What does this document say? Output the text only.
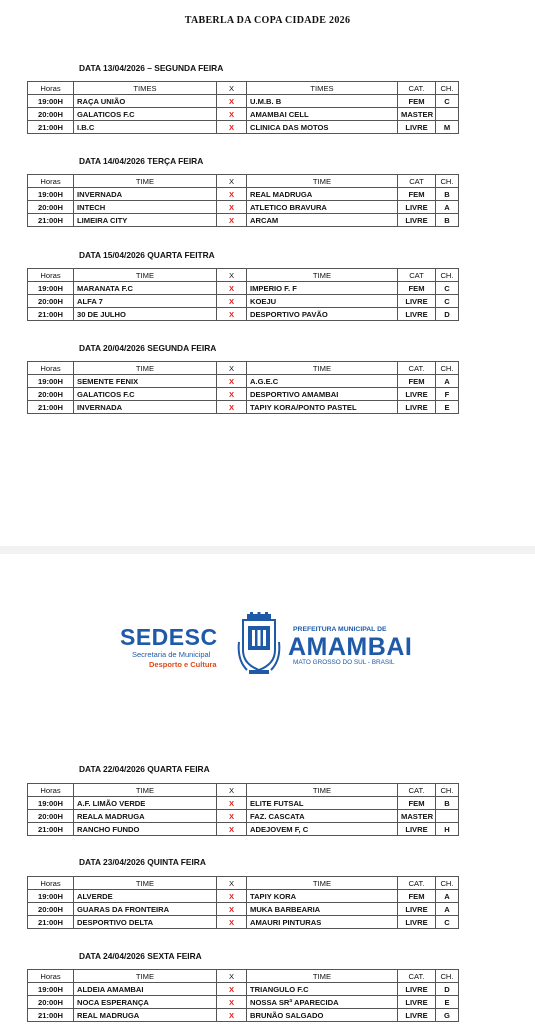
TABERLA DA COPA CIDADE 2026
DATA 13/04/2026 – SEGUNDA FEIRA
Horas	TIMES	X	TIMES	CAT.	CH.
19:00H	RAÇA UNIÃO	X	U.M.B. B	FEM	C
20:00H	GALATICOS F.C	X	AMAMBAI CELL	MASTER	
21:00H	I.B.C	X	CLINICA DAS MOTOS	LIVRE	M
DATA 14/04/2026 TERÇA FEIRA
Horas	TIME	X	TIME	CAT	CH.
19:00H	INVERNADA	X	REAL MADRUGA	FEM	B
20:00H	INTECH	X	ATLETICO BRAVURA	LIVRE	A
21:00H	LIMEIRA CITY	X	ARCAM	LIVRE	B
DATA 15/04/2026 QUARTA FEITRA
Horas	TIME	X	TIME	CAT	CH.
19:00H	MARANATA F.C	X	IMPERIO F. F	FEM	C
20:00H	ALFA 7	X	KOEJU	LIVRE	C
21:00H	30 DE JULHO	X	DESPORTIVO PAVÃO	LIVRE	D
DATA 20/04/2026 SEGUNDA FEIRA
Horas	TIME	X	TIME	CAT.	CH.
19:00H	SEMENTE FENIX	X	A.G.E.C	FEM	A
20:00H	GALATICOS F.C	X	DESPORTIVO AMAMBAI	LIVRE	F
21:00H	INVERNADA	X	TAPIY KORA/PONTO PASTEL	LIVRE	E
SEDESC
Secretaria de Municipal
Desporto e Cultura
PREFEITURA MUNICIPAL DE
AMAMBAI
MATO GROSSO DO SUL - BRASIL
DATA 22/04/2026 QUARTA FEIRA
Horas	TIME	X	TIME	CAT.	CH.
19:00H	A.F. LIMÃO VERDE	X	ELITE FUTSAL	FEM	B
20:00H	REALA MADRUGA	X	FAZ. CASCATA	MASTER	
21:00H	RANCHO FUNDO	X	ADEJOVEM F, C	LIVRE	H
DATA 23/04/2026 QUINTA FEIRA
Horas	TIME	X	TIME	CAT.	CH.
19:00H	ALVERDE	X	TAPIY KORA	FEM	A
20:00H	GUARAS DA FRONTEIRA	X	MUKA BARBEARIA	LIVRE	A
21:00H	DESPORTIVO DELTA	X	AMAURI PINTURAS	LIVRE	C
DATA 24/04/2026 SEXTA FEIRA
Horas	TIME	X	TIME	CAT.	CH.
19:00H	ALDEIA AMAMBAI	X	TRIANGULO F.C	LIVRE	D
20:00H	NOCA ESPERANÇA	X	NOSSA SRª APARECIDA	LIVRE	E
21:00H	REAL MADRUGA	X	BRUNÃO SALGADO	LIVRE	G
